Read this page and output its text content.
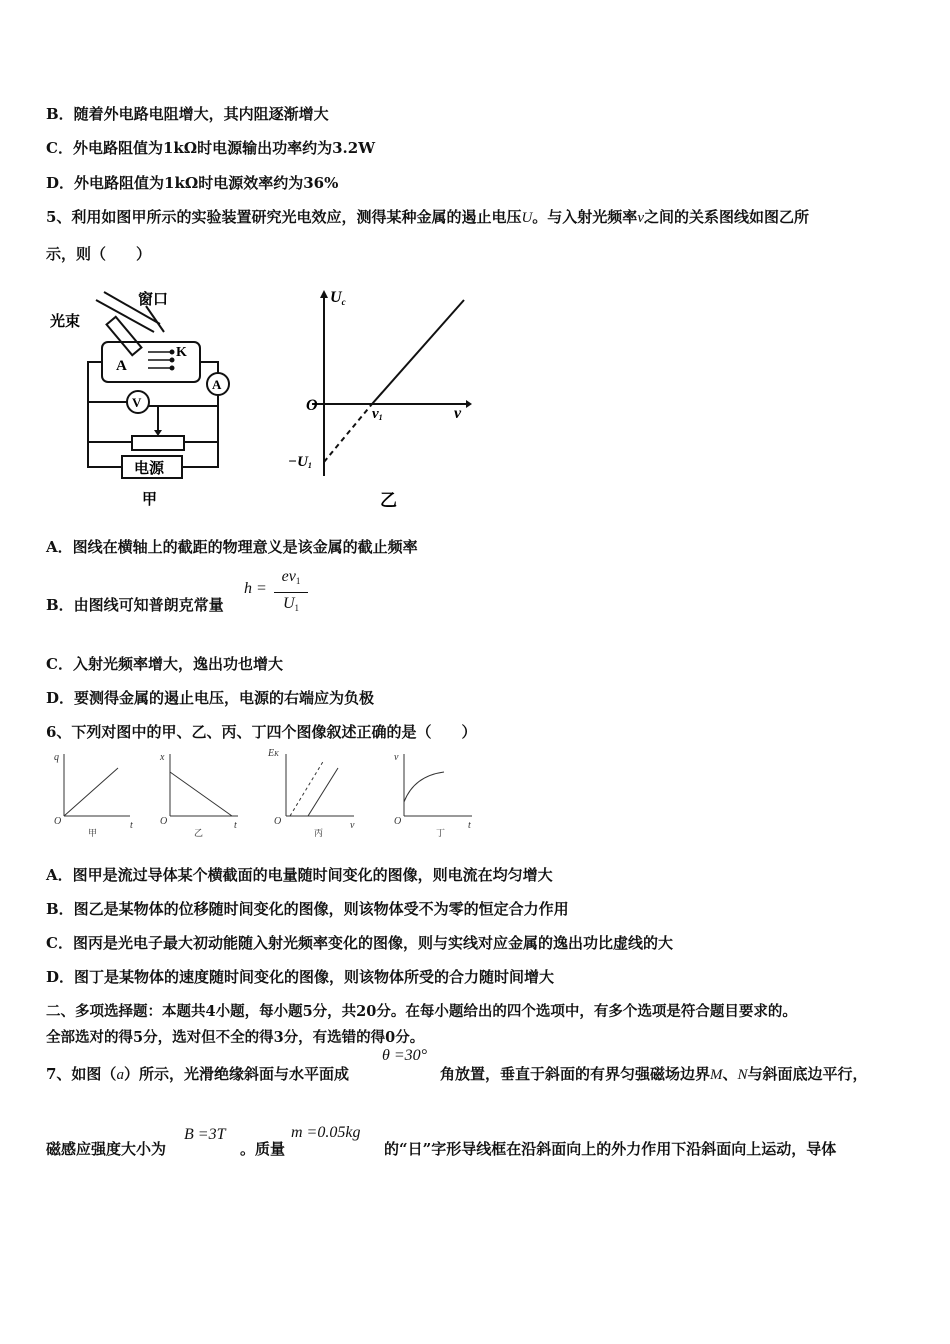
B．随着外电路电阻增大，其内阻逐渐增大
C．外电路阻值为1kΩ时电源输出功率约为3.2W
D．外电路阻值为1kΩ时电源效率约为36%
5、利用如图甲所示的实验装置研究光电效应，测得某种金属的遏止电压U。与入射光频率ν之间的关系图线如图乙所
示，则（　　）
窗口
光束
A
K
A
V
电源
甲
Uc
O	ν
ν1
−U1
乙
A．图线在横轴上的截距的物理意义是该金属的截止频率
B．由图线可知普朗克常量
h =
$e\nu_1$
$U_1$
C．入射光频率增大，逸出功也增大
D．要测得金属的遏止电压，电源的右端应为负极
6、下列对图中的甲、乙、丙、丁四个图像叙述正确的是（　　）
q
O	t
x
O	t
EK
O	ν
v
O	t
甲	乙	丙	丁
A．图甲是流过导体某个横截面的电量随时间变化的图像，则电流在均匀增大
B．图乙是某物体的位移随时间变化的图像，则该物体受不为零的恒定合力作用
C．图丙是光电子最大初动能随入射光频率变化的图像，则与实线对应金属的逸出功比虚线的大
D．图丁是某物体的速度随时间变化的图像，则该物体所受的合力随时间增大
二、多项选择题：本题共4小题，每小题5分，共20分。在每小题给出的四个选项中，有多个选项是符合题目要求的。
全部选对的得5分，选对但不全的得3分，有选错的得0分。
7、如图（a）所示，光滑绝缘斜面与水平面成
θ =30°
角放置，垂直于斜面的有界匀强磁场边界M、N与斜面底边平行，
磁感应强度大小为
B =3T
。质量
m =0.05kg
的“日”字形导线框在沿斜面向上的外力作用下沿斜面向上运动，导体
